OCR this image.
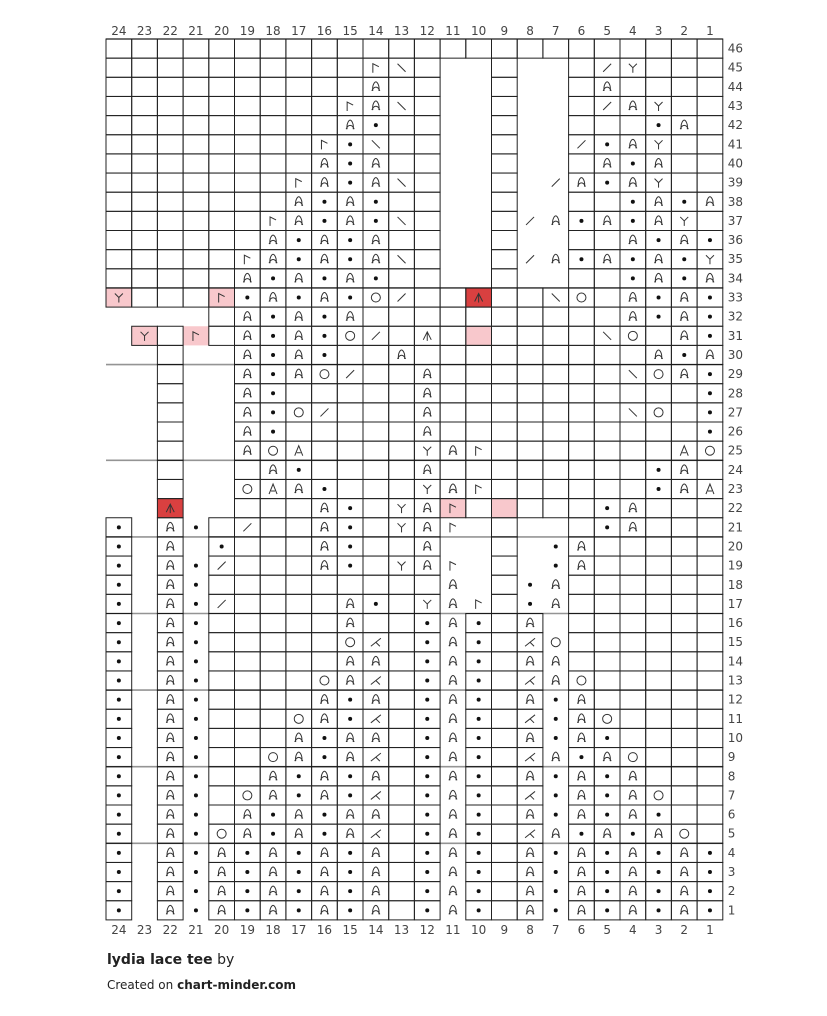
24
24
23
23
22
22
21
21
20
20
19
19
18
18
17
17
16
16
15
15
14
14
13
13
12
12
11
11
10
10
9
9
8
8
7
7
6
6
5
5
4
4
3
3
2
2
1
1
46
45
44
43
42
41
40
39
38
37
36
35
34
33
32
31
30
29
28
27
26
25
24
23
22
21
20
19
18
17
16
15
14
13
12
11
10
9
8
7
6
5
4
3
2
1
lydia lace tee by
Created on chart-minder.com
